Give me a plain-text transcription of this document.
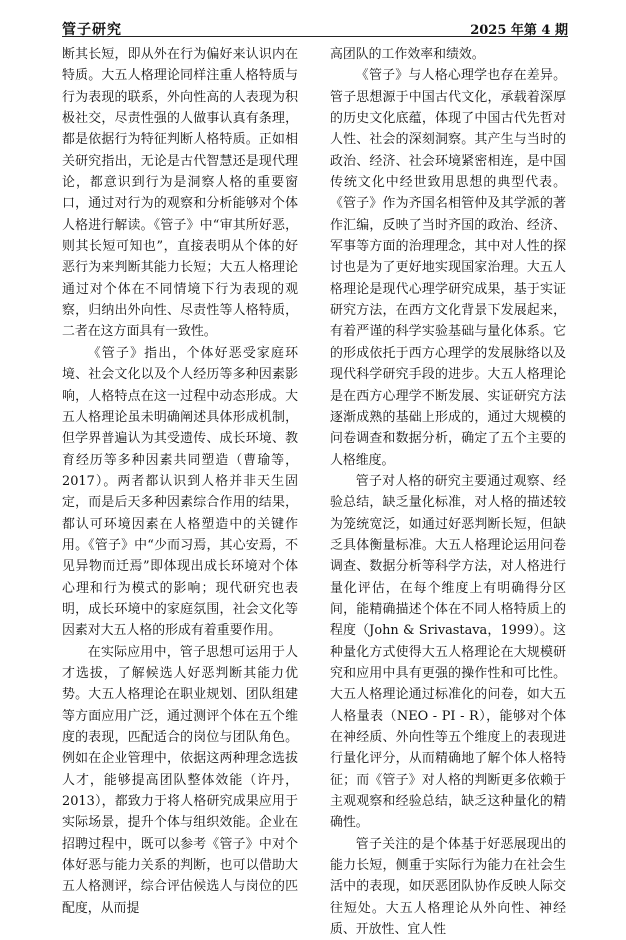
管子研究	2025 年第 4 期

断其长短，即从外在行为偏好来认识内在特质。大五人格理论同样注重人格特质与行为表现的联系，外向性高的人表现为积极社交，尽责性强的人做事认真有条理，都是依据行为特征判断人格特质。正如相关研究指出，无论是古代智慧还是现代理论，都意识到行为是洞察人格的重要窗口，通过对行为的观察和分析能够对个体人格进行解读。《管子》中“审其所好恶，则其长短可知也”，直接表明从个体的好恶行为来判断其能力长短；大五人格理论通过对个体在不同情境下行为表现的观察，归纳出外向性、尽责性等人格特质，二者在这方面具有一致性。

《管子》指出，个体好恶受家庭环境、社会文化以及个人经历等多种因素影响，人格特点在这一过程中动态形成。大五人格理论虽未明确阐述具体形成机制，但学界普遍认为其受遗传、成长环境、教育经历等多种因素共同塑造（曹瑜等，2017）。两者都认识到人格并非天生固定，而是后天多种因素综合作用的结果，都认可环境因素在人格塑造中的关键作用。《管子》中“少而习焉，其心安焉，不见异物而迁焉”即体现出成长环境对个体心理和行为模式的影响；现代研究也表明，成长环境中的家庭氛围，社会文化等因素对大五人格的形成有着重要作用。

在实际应用中，管子思想可运用于人才选拔，了解候选人好恶判断其能力优势。大五人格理论在职业规划、团队组建等方面应用广泛，通过测评个体在五个维度的表现，匹配适合的岗位与团队角色。例如在企业管理中，依据这两种理念选拔人才，能够提高团队整体效能（许丹，2013），都致力于将人格研究成果应用于实际场景，提升个体与组织效能。企业在招聘过程中，既可以参考《管子》中对个体好恶与能力关系的判断，也可以借助大五人格测评，综合评估候选人与岗位的匹配度，从而提

高团队的工作效率和绩效。

《管子》与人格心理学也存在差异。管子思想源于中国古代文化，承载着深厚的历史文化底蕴，体现了中国古代先哲对人性、社会的深刻洞察。其产生与当时的政治、经济、社会环境紧密相连，是中国传统文化中经世致用思想的典型代表。《管子》作为齐国名相管仲及其学派的著作汇编，反映了当时齐国的政治、经济、军事等方面的治理理念，其中对人性的探讨也是为了更好地实现国家治理。大五人格理论是现代心理学研究成果，基于实证研究方法，在西方文化背景下发展起来，有着严谨的科学实验基础与量化体系。它的形成依托于西方心理学的发展脉络以及现代科学研究手段的进步。大五人格理论是在西方心理学不断发展、实证研究方法逐渐成熟的基础上形成的，通过大规模的问卷调查和数据分析，确定了五个主要的人格维度。

管子对人格的研究主要通过观察、经验总结，缺乏量化标准，对人格的描述较为笼统宽泛，如通过好恶判断长短，但缺乏具体衡量标准。大五人格理论运用问卷调查、数据分析等科学方法，对人格进行量化评估，在每个维度上有明确得分区间，能精确描述个体在不同人格特质上的程度（John & Srivastava，1999）。这种量化方式使得大五人格理论在大规模研究和应用中具有更强的操作性和可比性。大五人格理论通过标准化的问卷，如大五人格量表（NEO - PI - R），能够对个体在神经质、外向性等五个维度上的表现进行量化评分，从而精确地了解个体人格特征；而《管子》对人格的判断更多依赖于主观观察和经验总结，缺乏这种量化的精确性。

管子关注的是个体基于好恶展现出的能力长短，侧重于实际行为能力在社会生活中的表现，如厌恶团队协作反映人际交往短处。大五人格理论从外向性、神经质、开放性、宜人性
